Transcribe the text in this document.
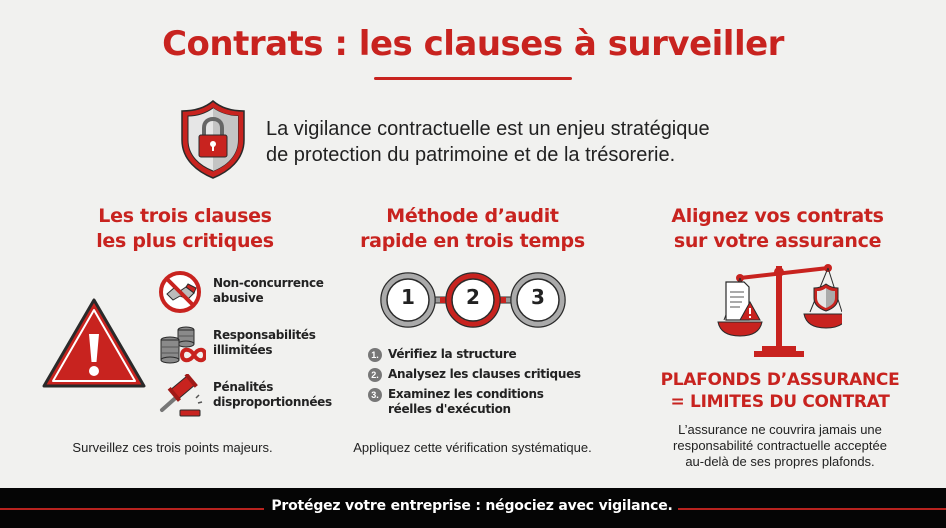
Contrats : les clauses à surveiller
La vigilance contractuelle est un enjeu stratégique
de protection du patrimoine et de la trésorerie.
Les trois clauses
les plus critiques
Non-concurrence
abusive
Responsabilités
illimitées
Pénalités
disproportionnées
Surveillez ces trois points majeurs.
Méthode d’audit
rapide en trois temps
1	2	3
1. Vérifiez la structure
2. Analysez les clauses critiques
3. Examinez les conditions réelles d'exécution
Appliquez cette vérification systématique.
Alignez vos contrats
sur votre assurance
PLAFONDS D’ASSURANCE
= LIMITES DU CONTRAT
L’assurance ne couvrira jamais une
responsabilité contractuelle acceptée
au-delà de ses propres plafonds.
Protégez votre entreprise : négociez avec vigilance.
